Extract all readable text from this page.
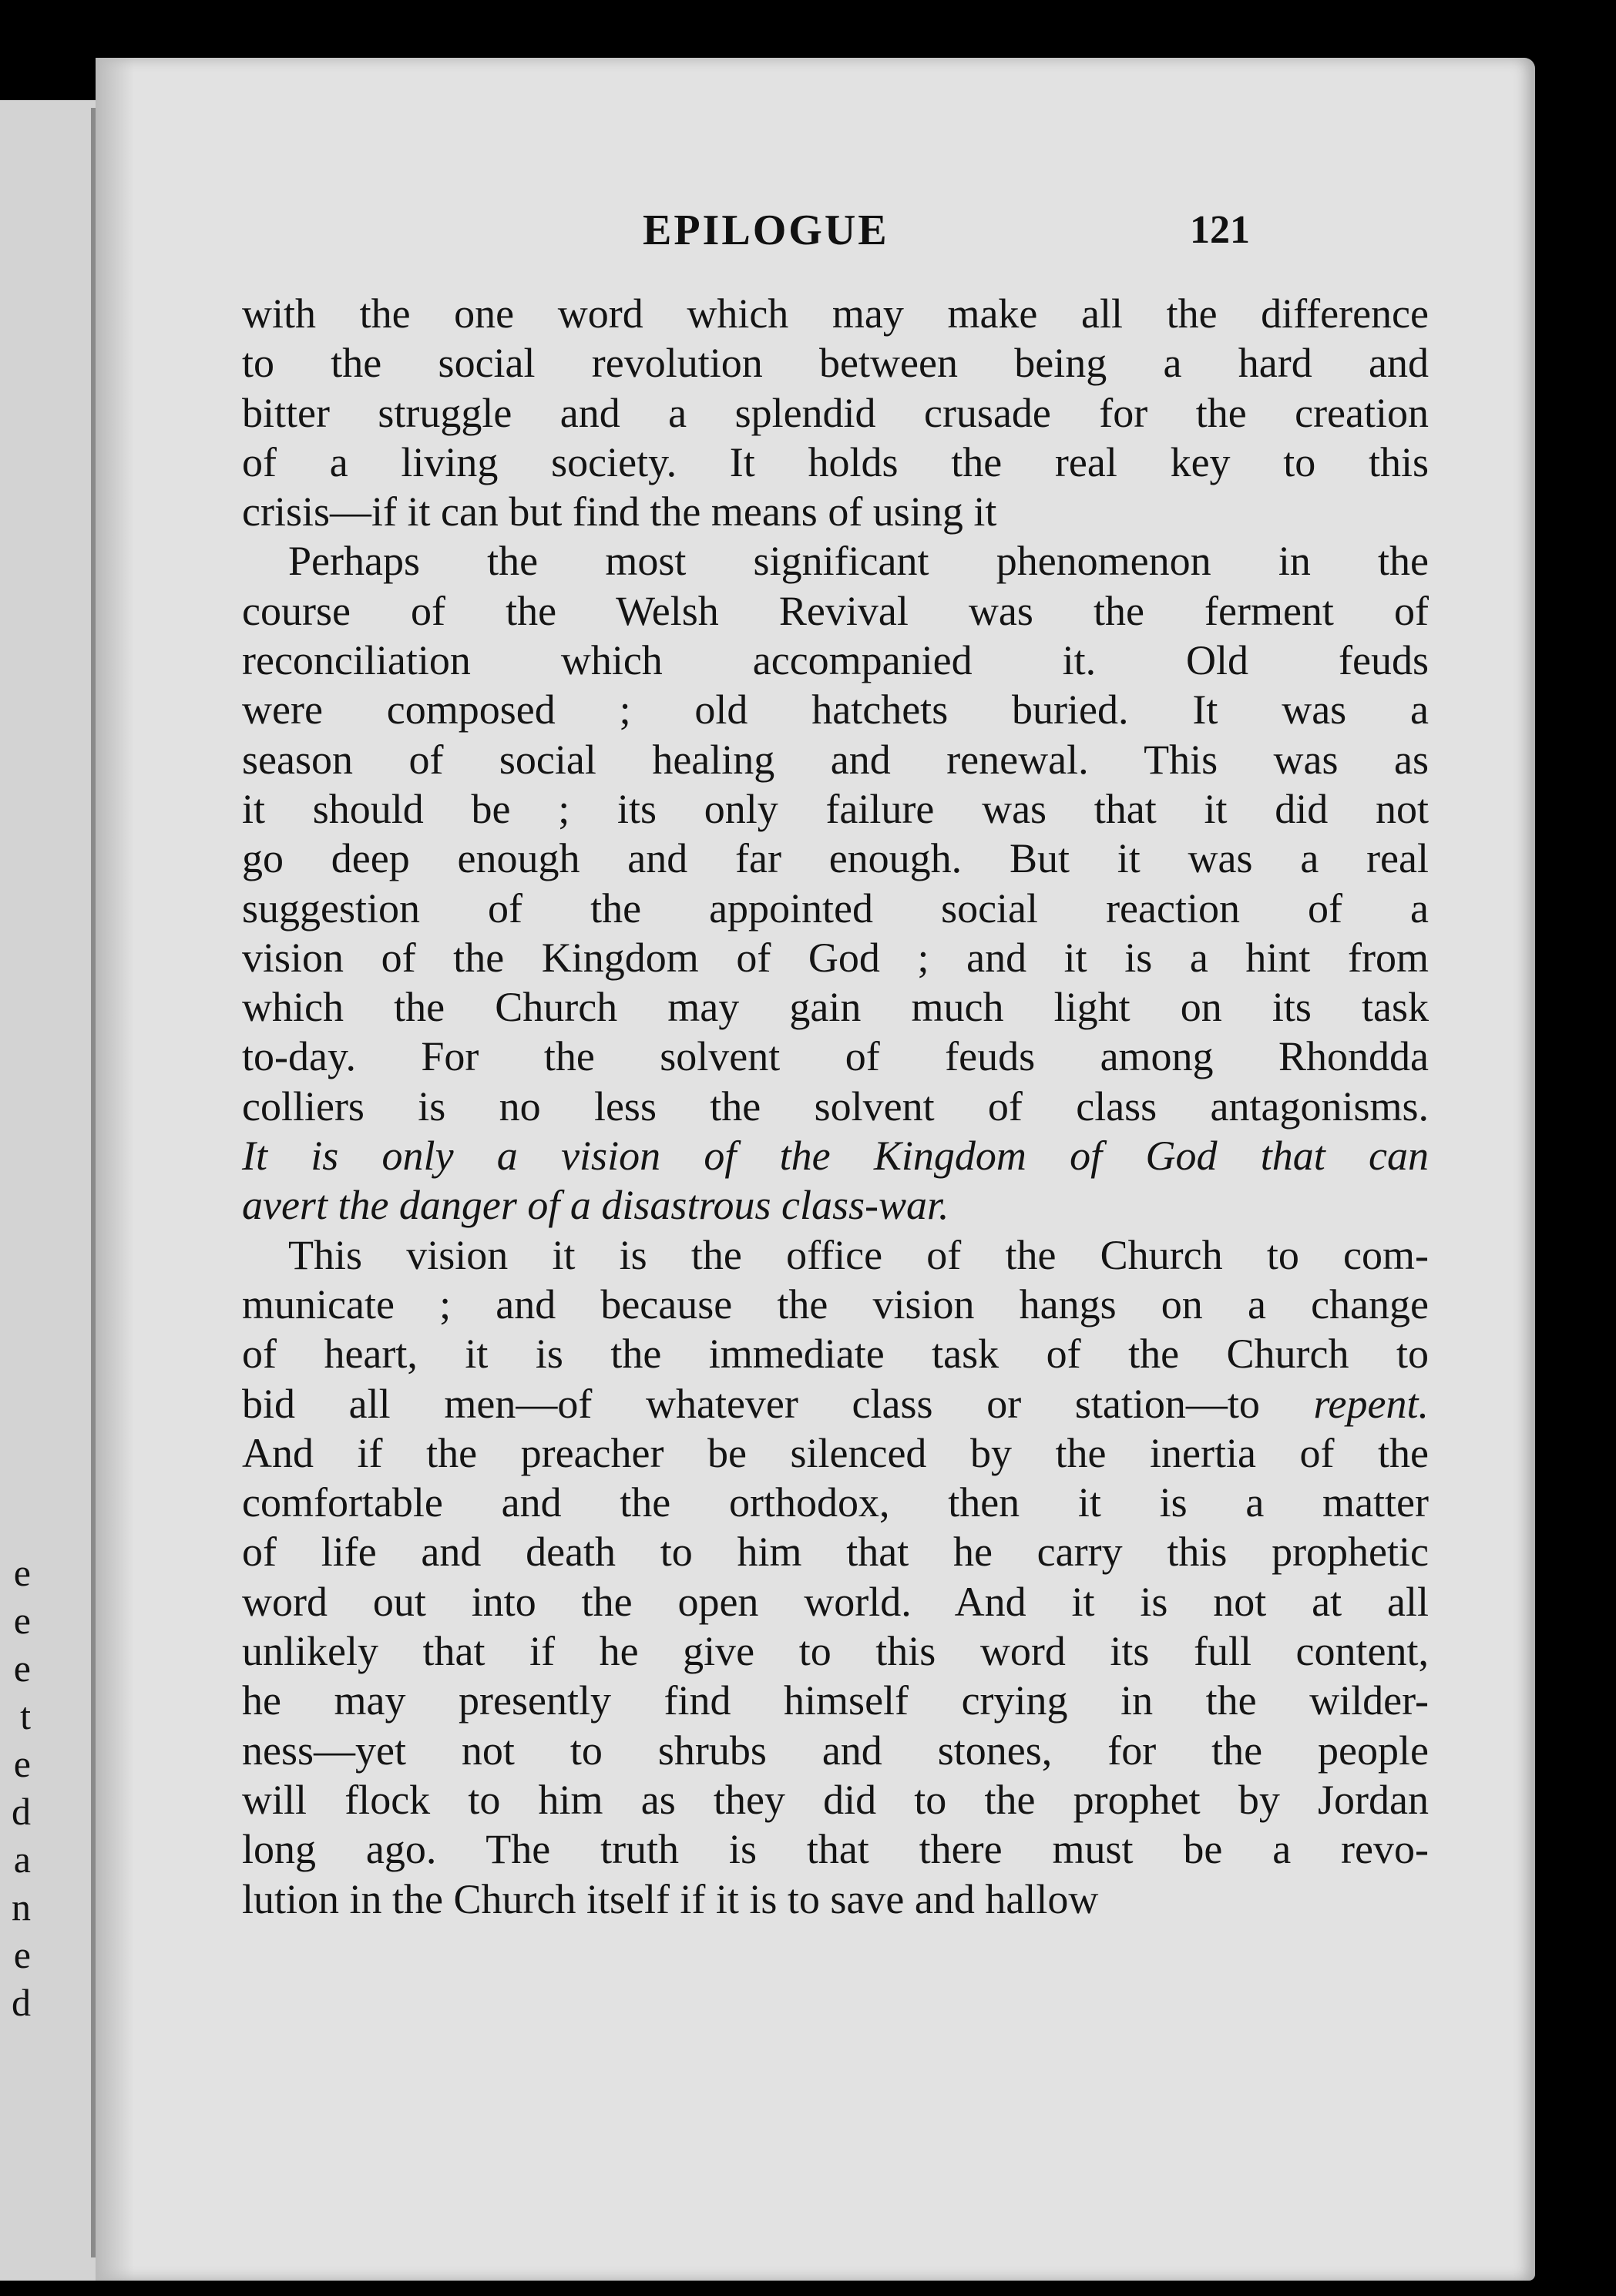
e
e
e
t
e
d
a
n
e
d
EPILOGUE	121

with the one word which may make all the difference
to the social revolution between being a hard and
bitter struggle and a splendid crusade for the creation
of a living society. It holds the real key to this
crisis—if it can but find the means of using it

Perhaps the most significant phenomenon in the
course of the Welsh Revival was the ferment of
reconciliation which accompanied it. Old feuds
were composed ; old hatchets buried. It was a
season of social healing and renewal. This was as
it should be ; its only failure was that it did not
go deep enough and far enough. But it was a real
suggestion of the appointed social reaction of a
vision of the Kingdom of God ; and it is a hint from
which the Church may gain much light on its task
to-day. For the solvent of feuds among Rhondda
colliers is no less the solvent of class antagonisms.
It is only a vision of the Kingdom of God that can
avert the danger of a disastrous class-war.

This vision it is the office of the Church to com-
municate ; and because the vision hangs on a change
of heart, it is the immediate task of the Church to
bid all men—of whatever class or station—to repent.
And if the preacher be silenced by the inertia of the
comfortable and the orthodox, then it is a matter
of life and death to him that he carry this prophetic
word out into the open world. And it is not at all
unlikely that if he give to this word its full content,
he may presently find himself crying in the wilder-
ness—yet not to shrubs and stones, for the people
will flock to him as they did to the prophet by Jordan
long ago. The truth is that there must be a revo-
lution in the Church itself if it is to save and hallow
